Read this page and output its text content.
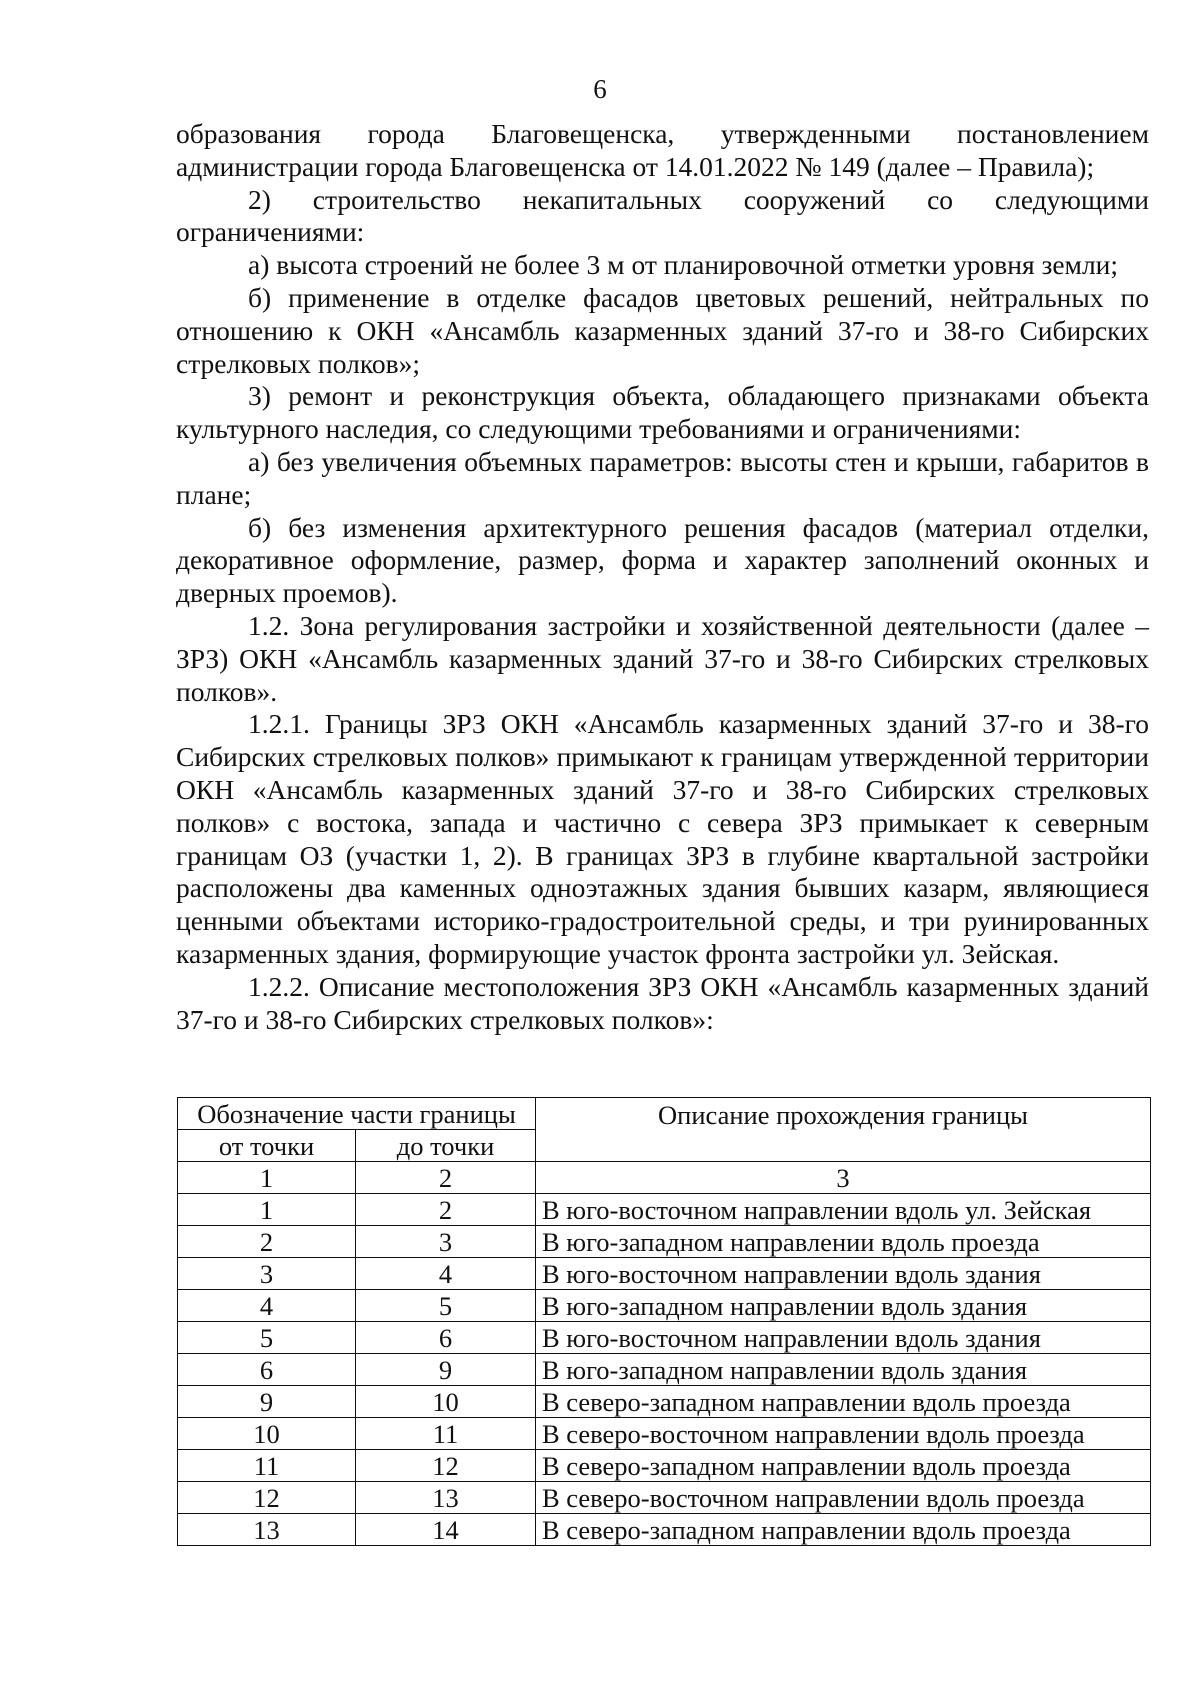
6

образования города Благовещенска, утвержденными постановлением администрации города Благовещенска от 14.01.2022 № 149 (далее – Правила);

2) строительство некапитальных сооружений со следующими ограничениями:

а) высота строений не более 3 м от планировочной отметки уровня земли;

б) применение в отделке фасадов цветовых решений, нейтральных по отношению к ОКН «Ансамбль казарменных зданий 37-го и 38-го Сибирских стрелковых полков»;

3) ремонт и реконструкция объекта, обладающего признаками объекта культурного наследия, со следующими требованиями и ограничениями:

а) без увеличения объемных параметров: высоты стен и крыши, габаритов в плане;

б) без изменения архитектурного решения фасадов (материал отделки, декоративное оформление, размер, форма и характер заполнений оконных и дверных проемов).

1.2. Зона регулирования застройки и хозяйственной деятельности (далее – ЗРЗ) ОКН «Ансамбль казарменных зданий 37-го и 38-го Сибирских стрелковых полков».

1.2.1. Границы ЗРЗ ОКН «Ансамбль казарменных зданий 37-го и 38-го Сибирских стрелковых полков» примыкают к границам утвержденной территории ОКН «Ансамбль казарменных зданий 37-го и 38-го Сибирских стрелковых полков» с востока, запада и частично с севера ЗРЗ примыкает к северным границам ОЗ (участки 1, 2). В границах ЗРЗ в глубине квартальной застройки расположены два каменных одноэтажных здания бывших казарм, являющиеся ценными объектами историко-градостроительной среды, и три руинированных казарменных здания, формирующие участок фронта застройки ул. Зейская.

1.2.2. Описание местоположения ЗРЗ ОКН «Ансамбль казарменных зданий 37-го и 38-го Сибирских стрелковых полков»:

Обозначение части границы		Описание прохождения границы
от точки	до точки	
1	2	3
1	2	В юго-восточном направлении вдоль ул. Зейская
2	3	В юго-западном направлении вдоль проезда
3	4	В юго-восточном направлении вдоль здания
4	5	В юго-западном направлении вдоль здания
5	6	В юго-восточном направлении вдоль здания
6	9	В юго-западном направлении вдоль здания
9	10	В северо-западном направлении вдоль проезда
10	11	В северо-восточном направлении вдоль проезда
11	12	В северо-западном направлении вдоль проезда
12	13	В северо-восточном направлении вдоль проезда
13	14	В северо-западном направлении вдоль проезда
